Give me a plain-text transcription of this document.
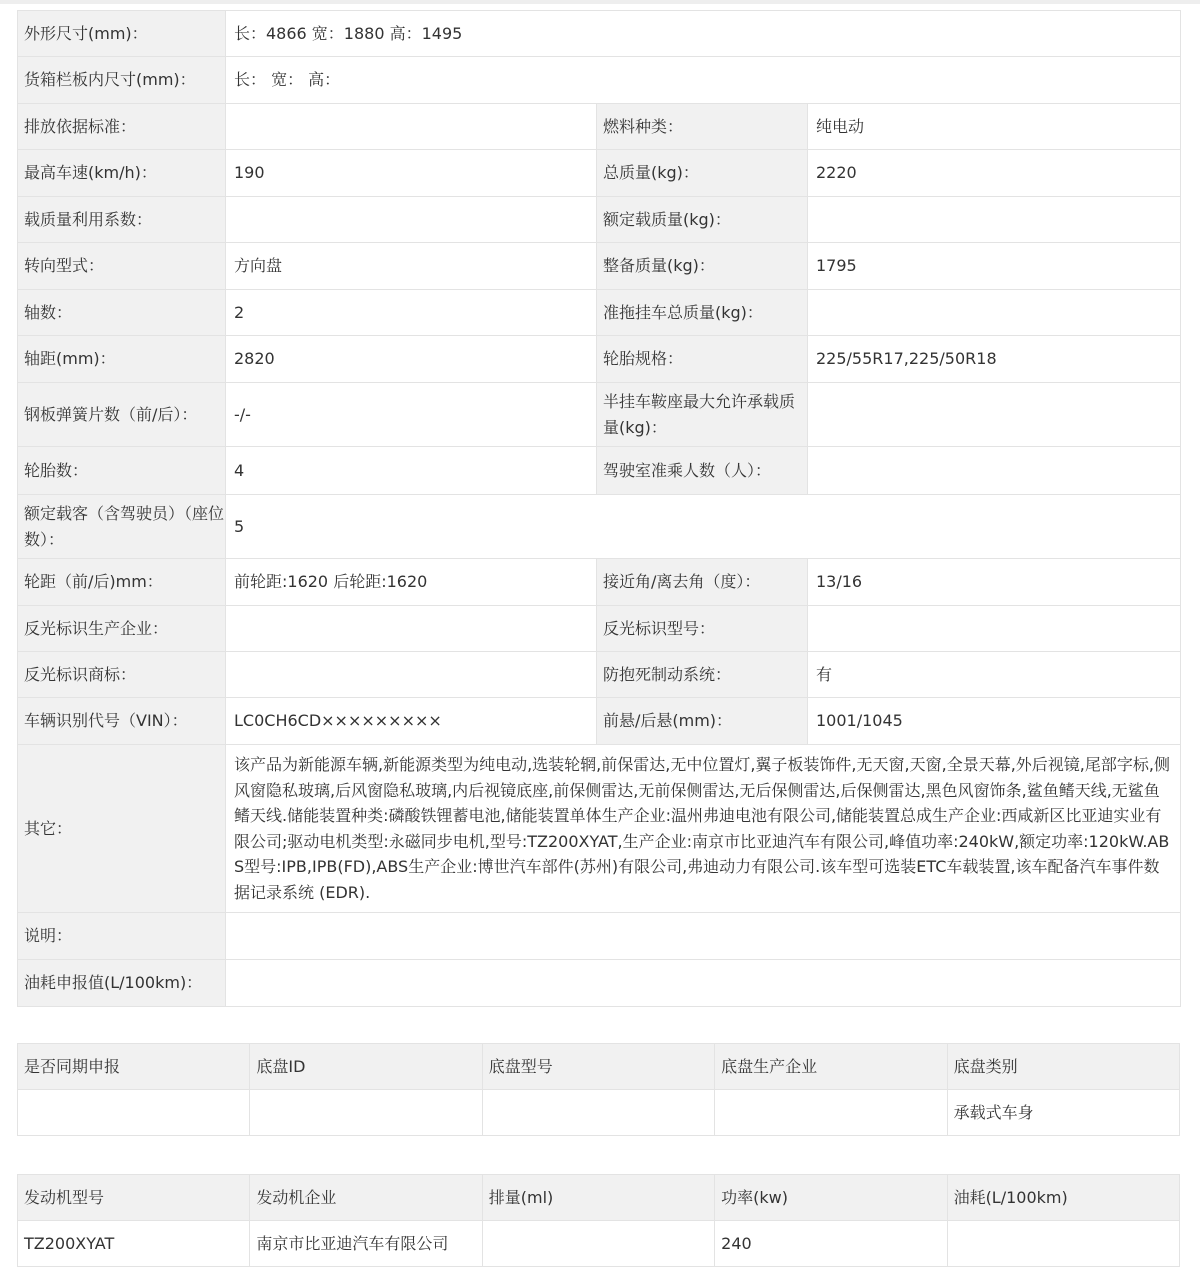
外形尺寸(mm)：	长：4866 宽：1880 高：1495		
货箱栏板内尺寸(mm)：	长： 宽： 高：		
排放依据标准：		燃料种类：	纯电动
最高车速(km/h)：	190	总质量(kg)：	2220
载质量利用系数：		额定载质量(kg)：	
转向型式：	方向盘	整备质量(kg)：	1795
轴数：	2	准拖挂车总质量(kg)：	
轴距(mm)：	2820	轮胎规格：	225/55R17,225/50R18
钢板弹簧片数（前/后）：	-/-	半挂车鞍座最大允许承载质量(kg)：	
轮胎数：	4	驾驶室准乘人数（人）：	
额定载客（含驾驶员）（座位数）：	5		
轮距（前/后)mm：	前轮距:1620 后轮距:1620	接近角/离去角（度）：	13/16
反光标识生产企业：		反光标识型号：	
反光标识商标：		防抱死制动系统：	有
车辆识别代号（VIN）：	LC0CH6CD×××××××××	前悬/后悬(mm)：	1001/1045
其它：	该产品为新能源车辆,新能源类型为纯电动,选装轮辋,前保雷达,无中位置灯,翼子板装饰件,无天窗,天窗,全景天幕,外后视镜,尾部字标,侧风窗隐私玻璃,后风窗隐私玻璃,内后视镜底座,前保侧雷达,无前保侧雷达,无后保侧雷达,后保侧雷达,黑色风窗饰条,鲨鱼鳍天线,无鲨鱼鳍天线.储能装置种类:磷酸铁锂蓄电池,储能装置单体生产企业:温州弗迪电池有限公司,储能装置总成生产企业:西咸新区比亚迪实业有限公司;驱动电机类型:永磁同步电机,型号:TZ200XYAT,生产企业:南京市比亚迪汽车有限公司,峰值功率:240kW,额定功率:120kW.ABS型号:IPB,IPB(FD),ABS生产企业:博世汽车部件(苏州)有限公司,弗迪动力有限公司.该车型可选装ETC车载装置,该车配备汽车事件数据记录系统 (EDR).		
说明：			
油耗申报值(L/100km)：			
是否同期申报	底盘ID	底盘型号	底盘生产企业	底盘类别
				承载式车身
发动机型号	发动机企业	排量(ml)	功率(kw)	油耗(L/100km)
TZ200XYAT	南京市比亚迪汽车有限公司		240	
